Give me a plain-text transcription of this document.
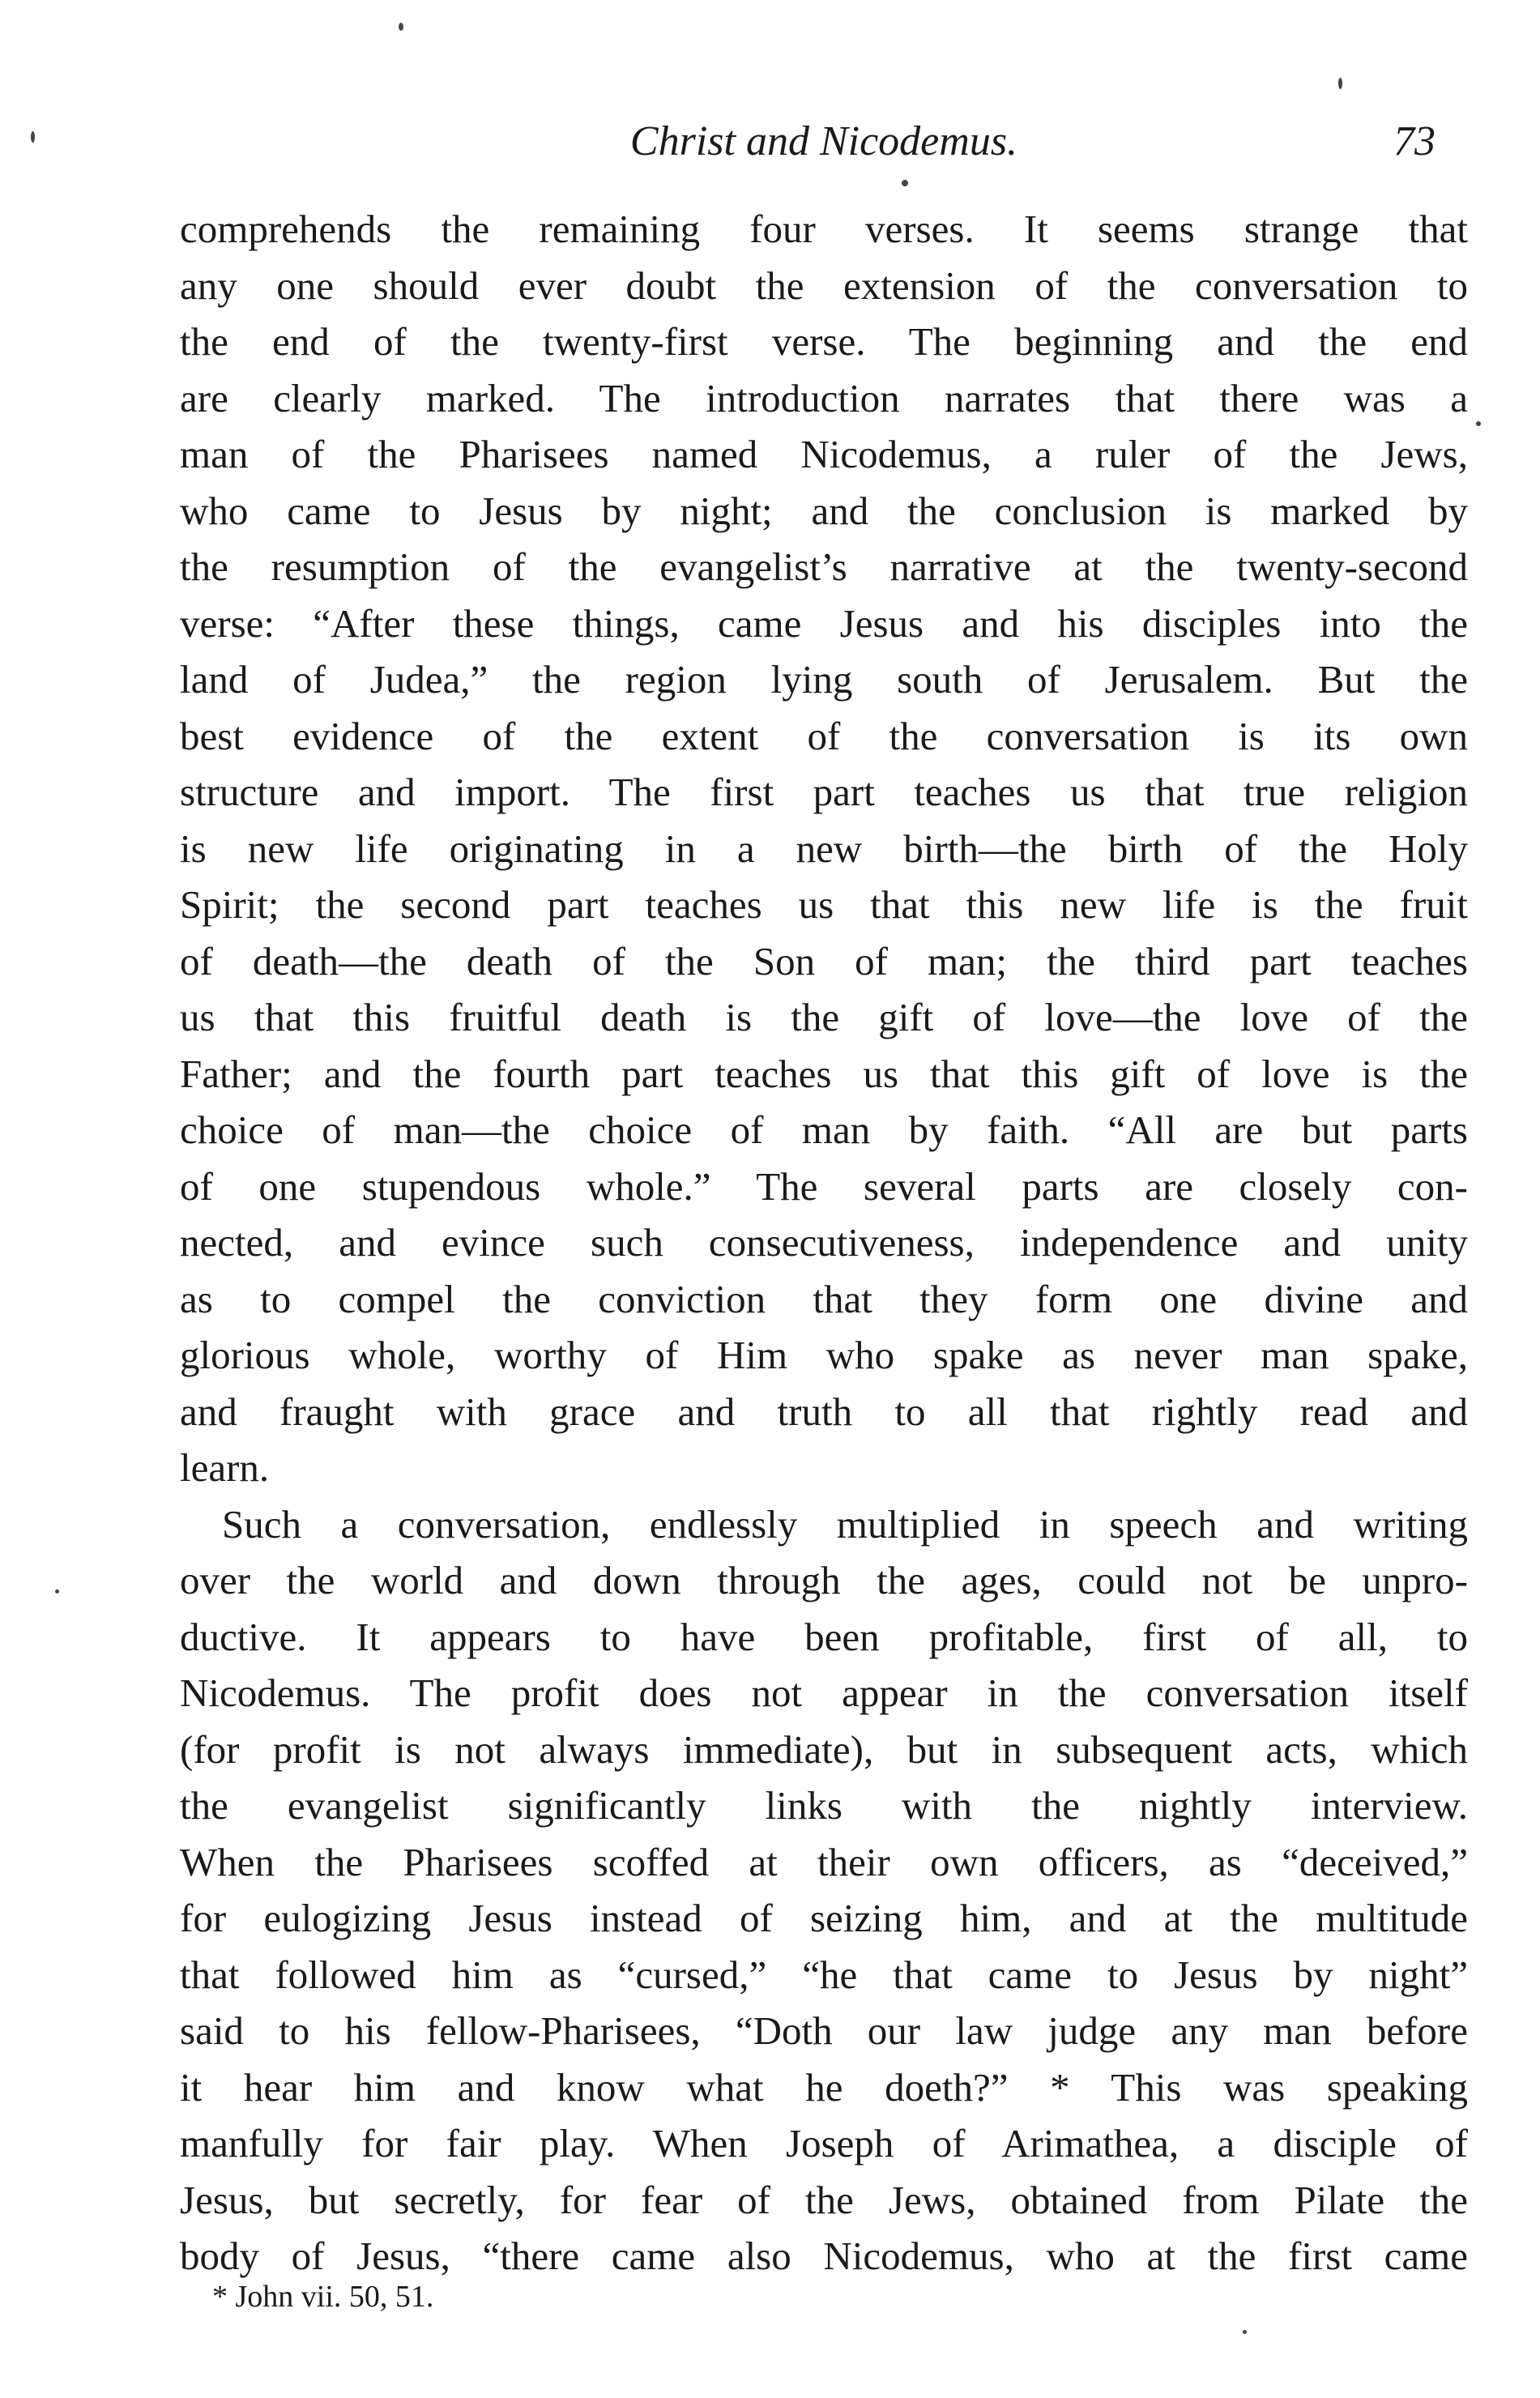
Christ and Nicodemus.	73

comprehends the remaining four verses. It seems strange that
any one should ever doubt the extension of the conversation to
the end of the twenty-first verse. The beginning and the end
are clearly marked. The introduction narrates that there was a
man of the Pharisees named Nicodemus, a ruler of the Jews,
who came to Jesus by night; and the conclusion is marked by
the resumption of the evangelist’s narrative at the twenty-second
verse: “After these things, came Jesus and his disciples into the
land of Judea,” the region lying south of Jerusalem. But the
best evidence of the extent of the conversation is its own
structure and import. The first part teaches us that true religion
is new life originating in a new birth—the birth of the Holy
Spirit; the second part teaches us that this new life is the fruit
of death—the death of the Son of man; the third part teaches
us that this fruitful death is the gift of love—the love of the
Father; and the fourth part teaches us that this gift of love is the
choice of man—the choice of man by faith. “All are but parts
of one stupendous whole.” The several parts are closely con-
nected, and evince such consecutiveness, independence and unity
as to compel the conviction that they form one divine and
glorious whole, worthy of Him who spake as never man spake,
and fraught with grace and truth to all that rightly read and
learn.

Such a conversation, endlessly multiplied in speech and writing
over the world and down through the ages, could not be unpro-
ductive. It appears to have been profitable, first of all, to
Nicodemus. The profit does not appear in the conversation itself
(for profit is not always immediate), but in subsequent acts, which
the evangelist significantly links with the nightly interview.
When the Pharisees scoffed at their own officers, as “deceived,”
for eulogizing Jesus instead of seizing him, and at the multitude
that followed him as “cursed,” “he that came to Jesus by night”
said to his fellow-Pharisees, “Doth our law judge any man before
it hear him and know what he doeth?” * This was speaking
manfully for fair play. When Joseph of Arimathea, a disciple of
Jesus, but secretly, for fear of the Jews, obtained from Pilate the
body of Jesus, “there came also Nicodemus, who at the first came

* John vii. 50, 51.
